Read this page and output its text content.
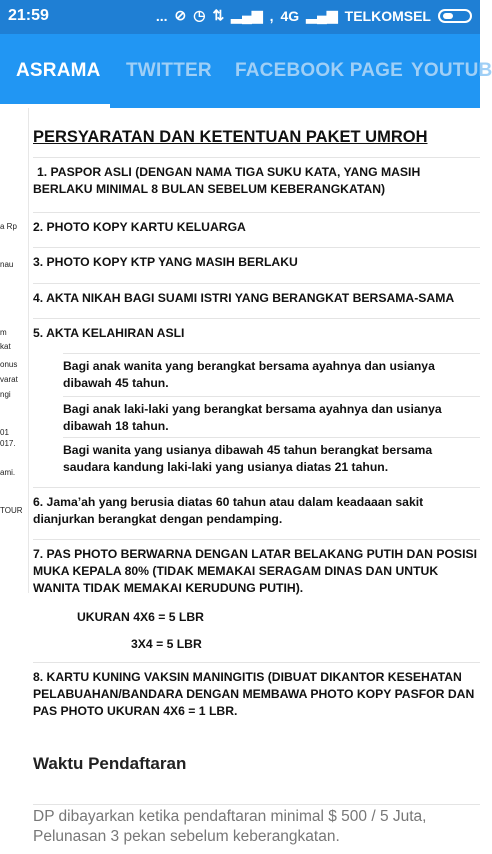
21:59	... ⊘ ◷ ⇅ ▂▄▆ , 4G ▂▄▆ TELKOMSEL
ASRAMA TWITTER FACEBOOK PAGE YOUTUB
a Rp
nau
m
kat
onus
varat
ngi
01
017.
ami.
TOUR
PERSYARATAN DAN KETENTUAN PAKET UMROH
1. PASPOR ASLI (DENGAN NAMA TIGA SUKU KATA, YANG MASIH BERLAKU MINIMAL 8 BULAN SEBELUM KEBERANGKATAN)
2. PHOTO KOPY KARTU KELUARGA
3. PHOTO KOPY KTP YANG MASIH BERLAKU
4. AKTA NIKAH BAGI SUAMI ISTRI YANG BERANGKAT BERSAMA-SAMA
5. AKTA KELAHIRAN ASLI
Bagi anak wanita yang berangkat bersama ayahnya dan usianya dibawah 45 tahun.
Bagi anak laki-laki yang berangkat bersama ayahnya dan usianya dibawah 18 tahun.
Bagi wanita yang usianya dibawah 45 tahun berangkat bersama saudara kandung laki-laki yang usianya diatas 21 tahun.
6. Jama’ah yang berusia diatas 60 tahun atau dalam keadaaan sakit dianjurkan berangkat dengan pendamping.
7. PAS PHOTO BERWARNA DENGAN LATAR BELAKANG PUTIH DAN POSISI MUKA KEPALA 80% (TIDAK MEMAKAI SERAGAM DINAS DAN UNTUK WANITA TIDAK MEMAKAI KERUDUNG PUTIH).
UKURAN 4X6 = 5 LBR
3X4 = 5 LBR
8. KARTU KUNING VAKSIN MANINGITIS (DIBUAT DIKANTOR KESEHATAN PELABUAHAN/BANDARA DENGAN MEMBAWA PHOTO KOPY PASFOR DAN PAS PHOTO UKURAN 4X6 = 1 LBR.
Waktu Pendaftaran
DP dibayarkan ketika pendaftaran minimal $ 500 / 5 Juta, Pelunasan 3 pekan sebelum keberangkatan.
